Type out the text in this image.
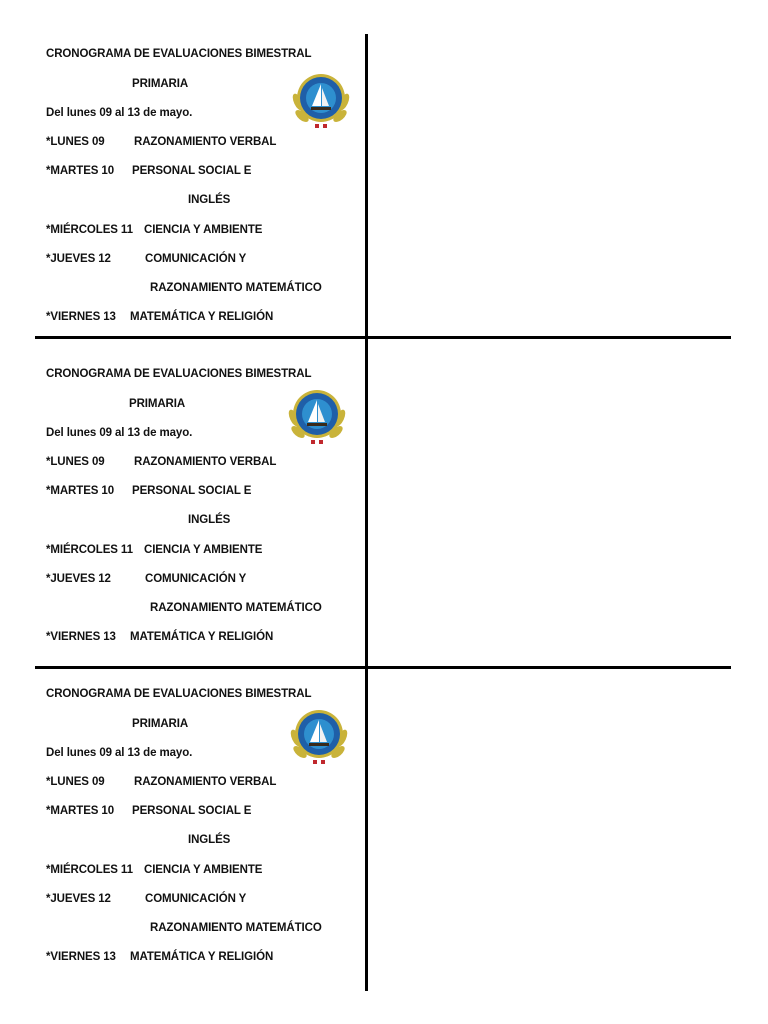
CRONOGRAMA DE EVALUACIONES BIMESTRAL
PRIMARIA
Del lunes 09 al 13 de mayo.
*LUNES 09	RAZONAMIENTO VERBAL
*MARTES 10 PERSONAL SOCIAL E
INGLÉS
*MIÉRCOLES 11 CIENCIA Y AMBIENTE
*JUEVES 12	COMUNICACIÓN Y
RAZONAMIENTO MATEMÁTICO
*VIERNES 13 MATEMÁTICA Y RELIGIÓN
CRONOGRAMA DE EVALUACIONES BIMESTRAL
PRIMARIA
Del lunes 09 al 13 de mayo.
*LUNES 09	RAZONAMIENTO VERBAL
*MARTES 10 PERSONAL SOCIAL E
INGLÉS
*MIÉRCOLES 11 CIENCIA Y AMBIENTE
*JUEVES 12	COMUNICACIÓN Y
RAZONAMIENTO MATEMÁTICO
*VIERNES 13 MATEMÁTICA Y RELIGIÓN
CRONOGRAMA DE EVALUACIONES BIMESTRAL
PRIMARIA
Del lunes 09 al 13 de mayo.
*LUNES 09	RAZONAMIENTO VERBAL
*MARTES 10 PERSONAL SOCIAL E
INGLÉS
*MIÉRCOLES 11 CIENCIA Y AMBIENTE
*JUEVES 12	COMUNICACIÓN Y
RAZONAMIENTO MATEMÁTICO
*VIERNES 13 MATEMÁTICA Y RELIGIÓN
